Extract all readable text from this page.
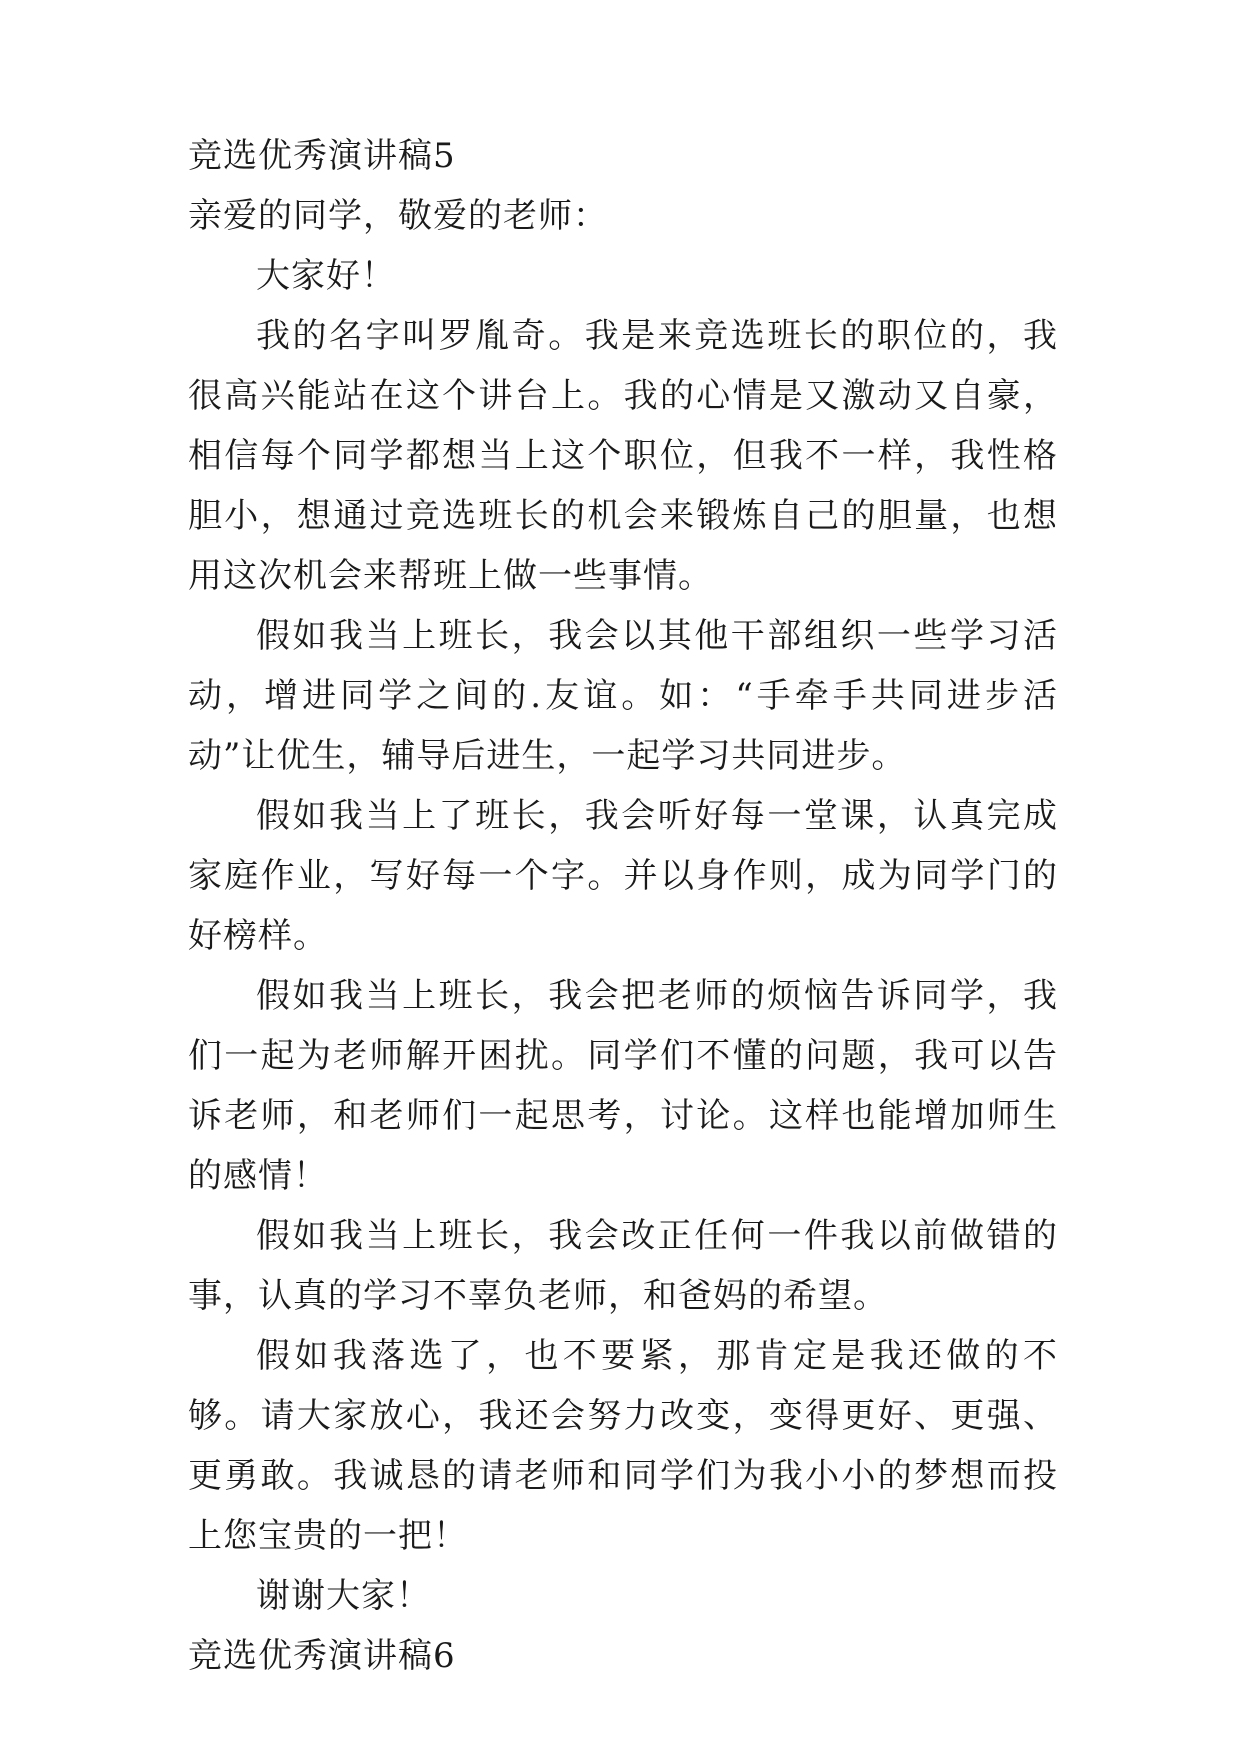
竞选优秀演讲稿5
亲爱的同学，敬爱的老师：
大家好！

我的名字叫罗胤奇。我是来竞选班长的职位的，我很高兴能站在这个讲台上。我的心情是又激动又自豪，相信每个同学都想当上这个职位，但我不一样，我性格胆小，想通过竞选班长的机会来锻炼自己的胆量，也想用这次机会来帮班上做一些事情。

假如我当上班长，我会以其他干部组织一些学习活动，增进同学之间的.友谊。如：“手牵手共同进步活动”让优生，辅导后进生，一起学习共同进步。

假如我当上了班长，我会听好每一堂课，认真完成家庭作业，写好每一个字。并以身作则，成为同学门的好榜样。

假如我当上班长，我会把老师的烦恼告诉同学，我们一起为老师解开困扰。同学们不懂的问题，我可以告诉老师，和老师们一起思考，讨论。这样也能增加师生的感情！

假如我当上班长，我会改正任何一件我以前做错的事，认真的学习不辜负老师，和爸妈的希望。

假如我落选了，也不要紧，那肯定是我还做的不够。请大家放心，我还会努力改变，变得更好、更强、更勇敢。我诚恳的请老师和同学们为我小小的梦想而投上您宝贵的一把！

谢谢大家！
竞选优秀演讲稿6
